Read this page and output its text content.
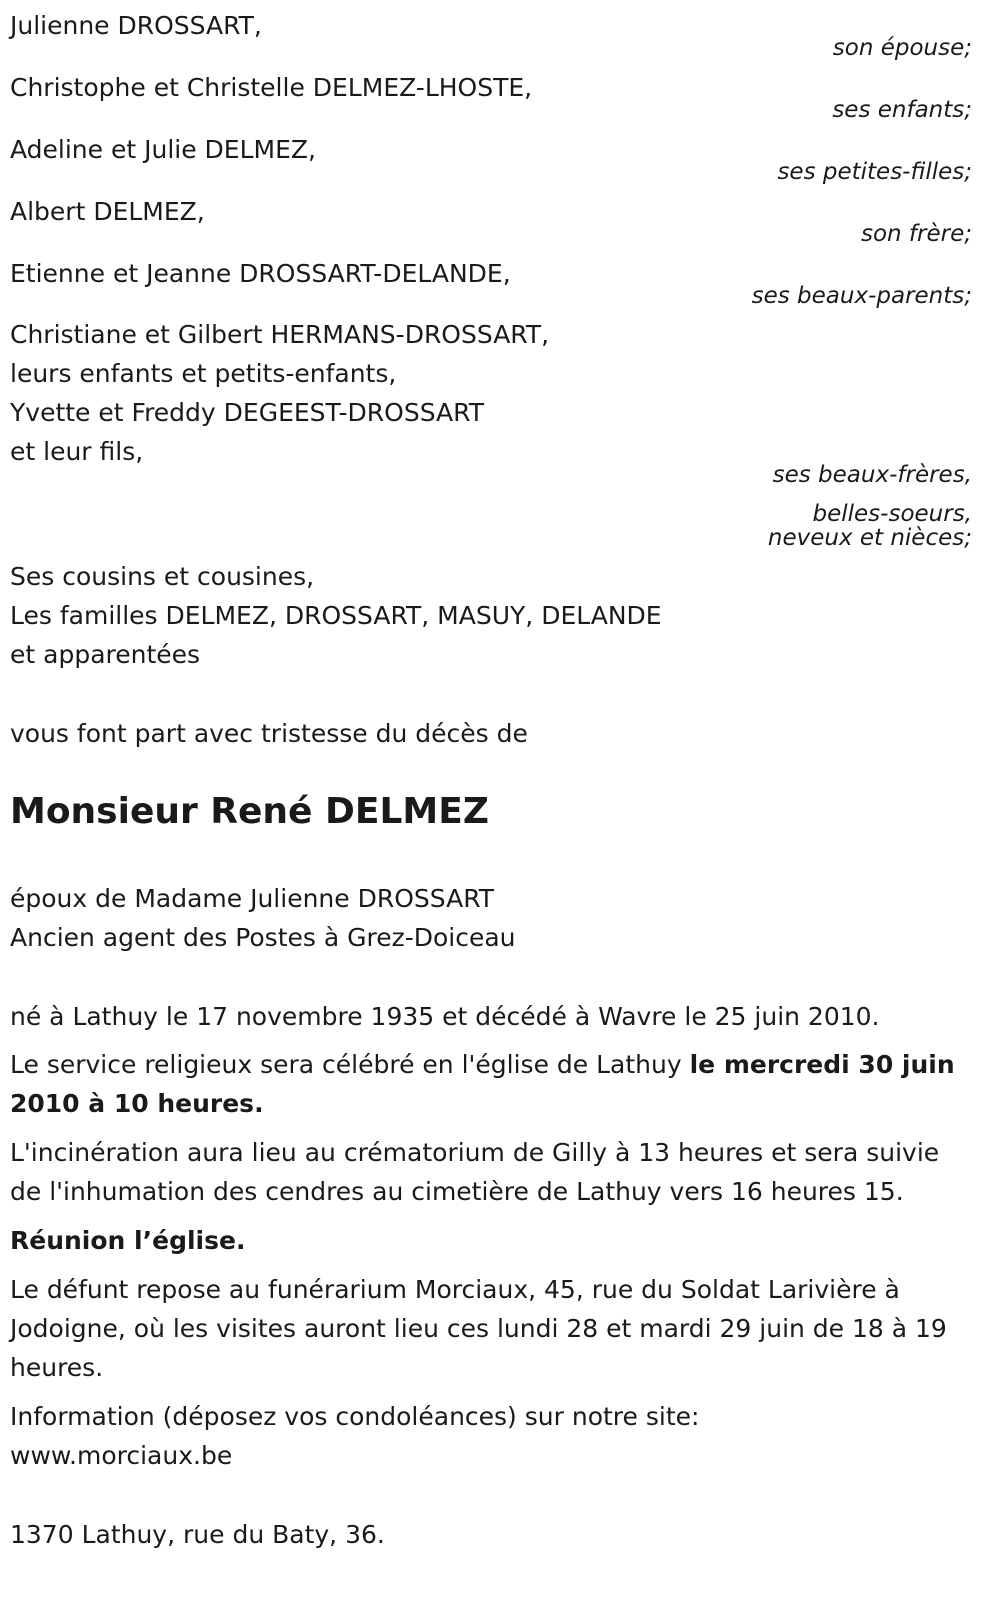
Julienne DROSSART,
son épouse;
Christophe et Christelle DELMEZ-LHOSTE,
ses enfants;
Adeline et Julie DELMEZ,
ses petites-filles;
Albert DELMEZ,
son frère;
Etienne et Jeanne DROSSART-DELANDE,
ses beaux-parents;
Christiane et Gilbert HERMANS-DROSSART,
leurs enfants et petits-enfants,
Yvette et Freddy DEGEEST-DROSSART
et leur fils,
ses beaux-frères,
belles-soeurs,
neveux et nièces;
Ses cousins et cousines,
Les familles DELMEZ, DROSSART, MASUY, DELANDE
et apparentées
vous font part avec tristesse du décès de
Monsieur René DELMEZ
époux de Madame Julienne DROSSART
Ancien agent des Postes à Grez-Doiceau
né à Lathuy le 17 novembre 1935 et décédé à Wavre le 25 juin 2010.
Le service religieux sera célébré en l'église de Lathuy le mercredi 30 juin 2010 à 10 heures.
L'incinération aura lieu au crématorium de Gilly à 13 heures et sera suivie de l'inhumation des cendres au cimetière de Lathuy vers 16 heures 15.
Réunion l’église.
Le défunt repose au funérarium Morciaux, 45, rue du Soldat Larivière à Jodoigne, où les visites auront lieu ces lundi 28 et mardi 29 juin de 18 à 19 heures.
Information (déposez vos condoléances) sur notre site:
www.morciaux.be
1370 Lathuy, rue du Baty, 36.
